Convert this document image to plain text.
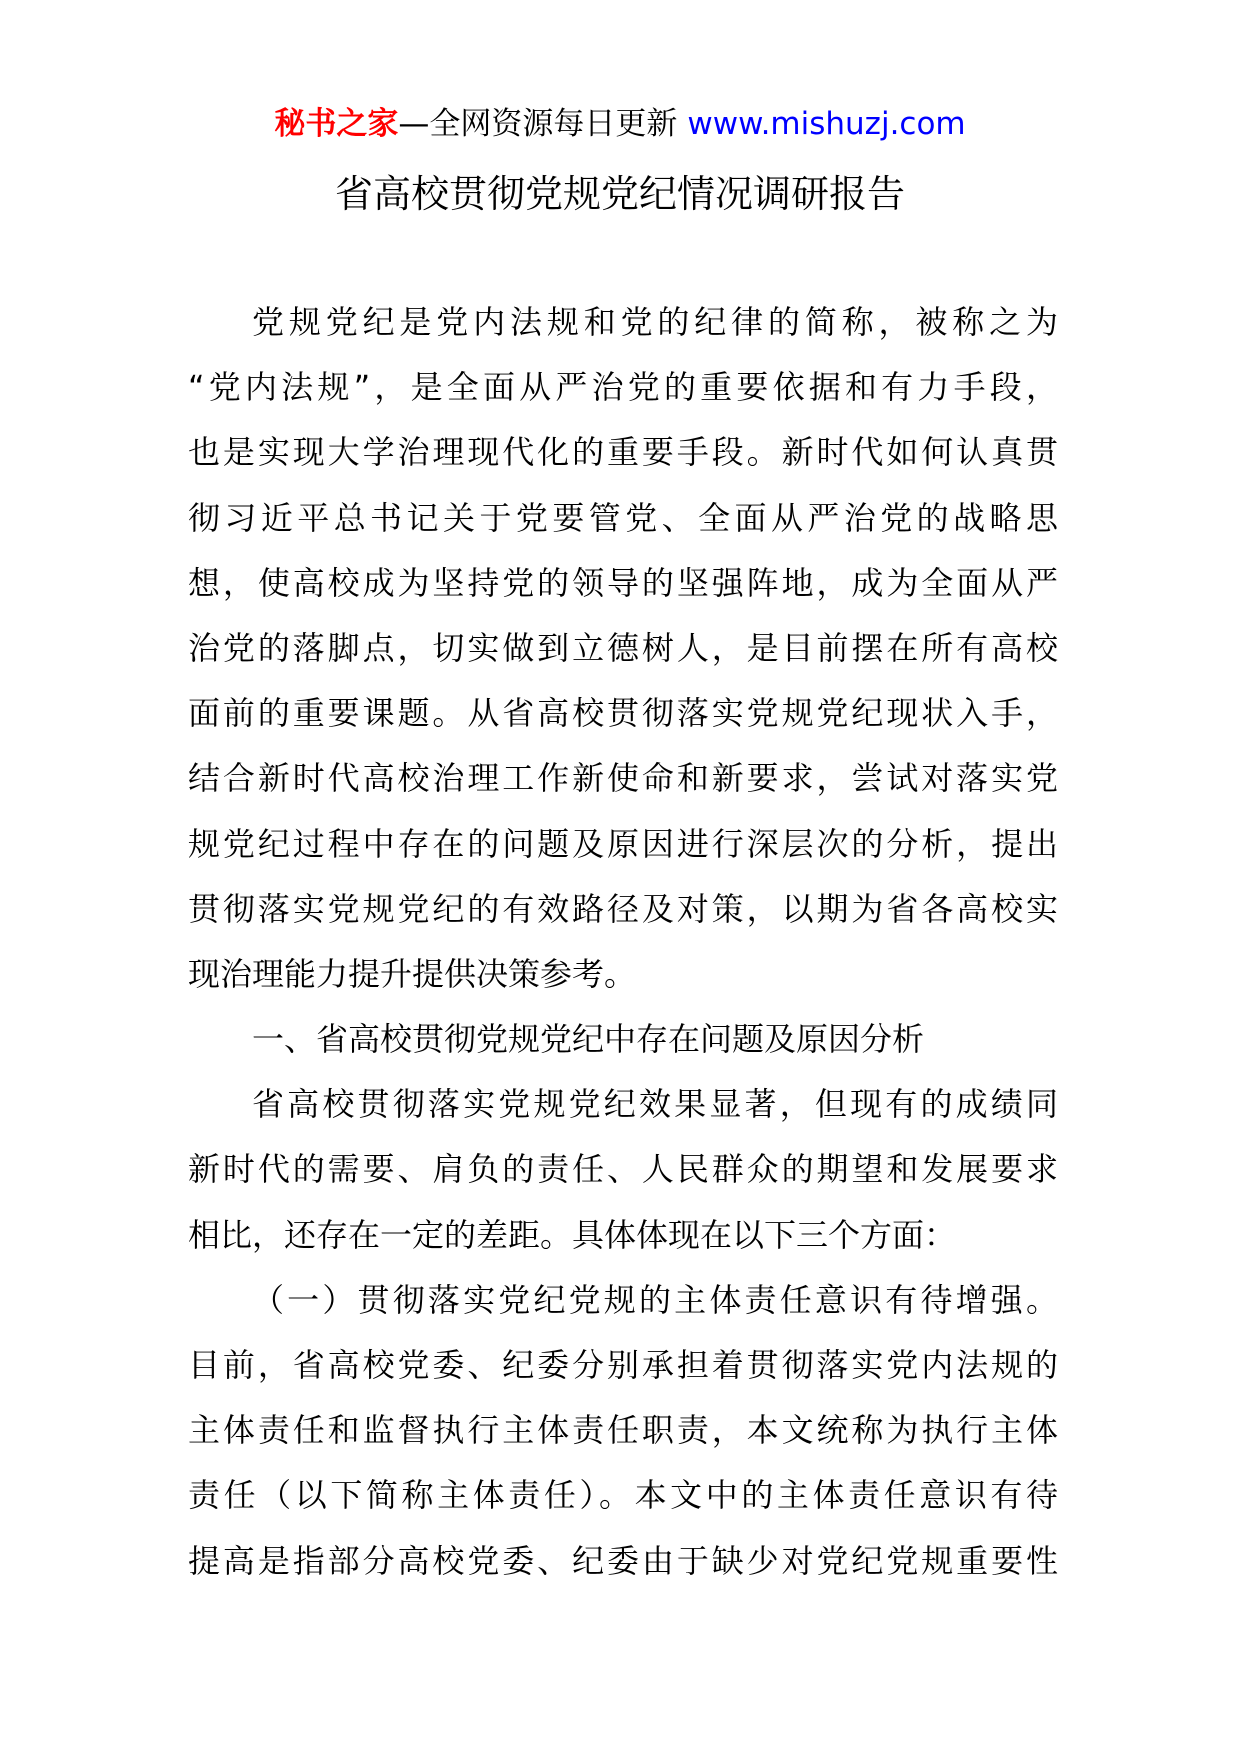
秘书之家—全网资源每日更新 www.mishuzj.com
省高校贯彻党规党纪情况调研报告
党规党纪是党内法规和党的纪律的简称，被称之为
“党内法规”，是全面从严治党的重要依据和有力手段，
也是实现大学治理现代化的重要手段。新时代如何认真贯
彻习近平总书记关于党要管党、全面从严治党的战略思
想，使高校成为坚持党的领导的坚强阵地，成为全面从严
治党的落脚点，切实做到立德树人，是目前摆在所有高校
面前的重要课题。从省高校贯彻落实党规党纪现状入手，
结合新时代高校治理工作新使命和新要求，尝试对落实党
规党纪过程中存在的问题及原因进行深层次的分析，提出
贯彻落实党规党纪的有效路径及对策，以期为省各高校实
现治理能力提升提供决策参考。
一、省高校贯彻党规党纪中存在问题及原因分析
省高校贯彻落实党规党纪效果显著，但现有的成绩同
新时代的需要、肩负的责任、人民群众的期望和发展要求
相比，还存在一定的差距。具体体现在以下三个方面：
（一）贯彻落实党纪党规的主体责任意识有待增强。
目前，省高校党委、纪委分别承担着贯彻落实党内法规的
主体责任和监督执行主体责任职责，本文统称为执行主体
责任（以下简称主体责任）。本文中的主体责任意识有待
提高是指部分高校党委、纪委由于缺少对党纪党规重要性
